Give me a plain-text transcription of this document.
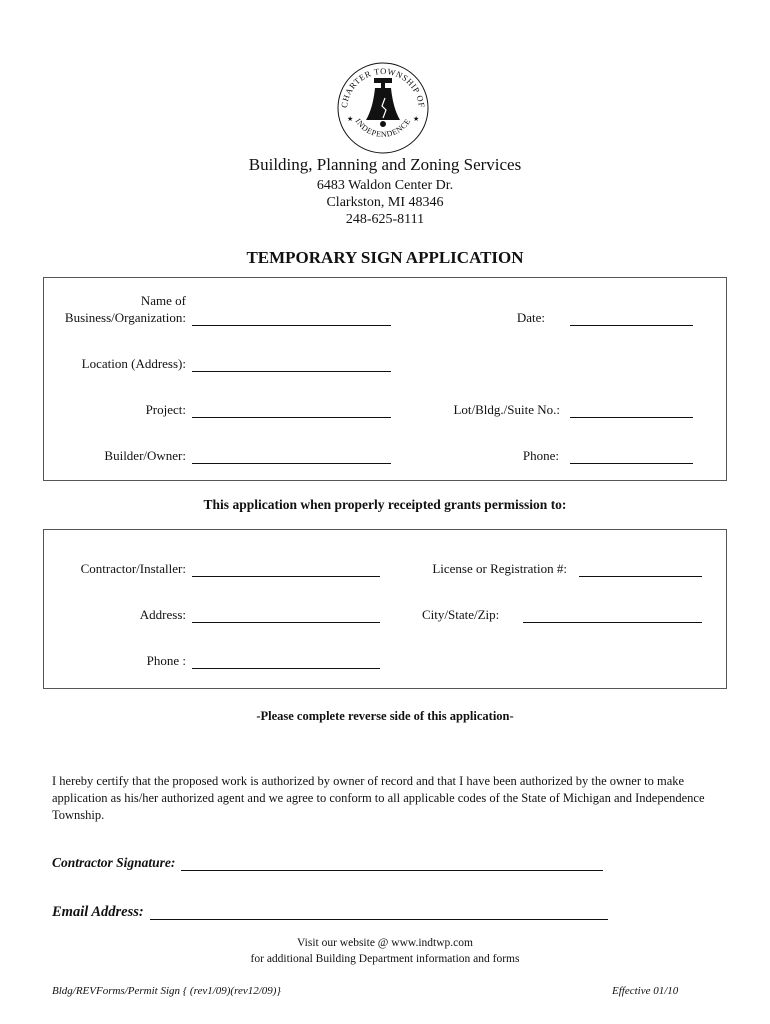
CHARTER TOWNSHIP OF
INDEPENDENCE
★	★
Building, Planning and Zoning Services
6483 Waldon Center Dr.
Clarkston, MI 48346
248-625-8111
TEMPORARY SIGN APPLICATION
Name of
Business/Organization:	Date:
Location (Address):
Project:	Lot/Bldg./Suite No.:
Builder/Owner:	Phone:
This application when properly receipted grants permission to:
Contractor/Installer:	License or Registration #:
Address:	City/State/Zip:
Phone :
-Please complete reverse side of this application-
I hereby certify that the proposed work is authorized by owner of record and that I have been authorized by the owner to make application as his/her authorized agent and we agree to conform to all applicable codes of the State of Michigan and Independence Township.
Contractor Signature:
Email Address:
Visit our website @ www.indtwp.com
for additional Building Department information and forms
Bldg/REVForms/Permit Sign { (rev1/09)(rev12/09)}	Effective 01/10
